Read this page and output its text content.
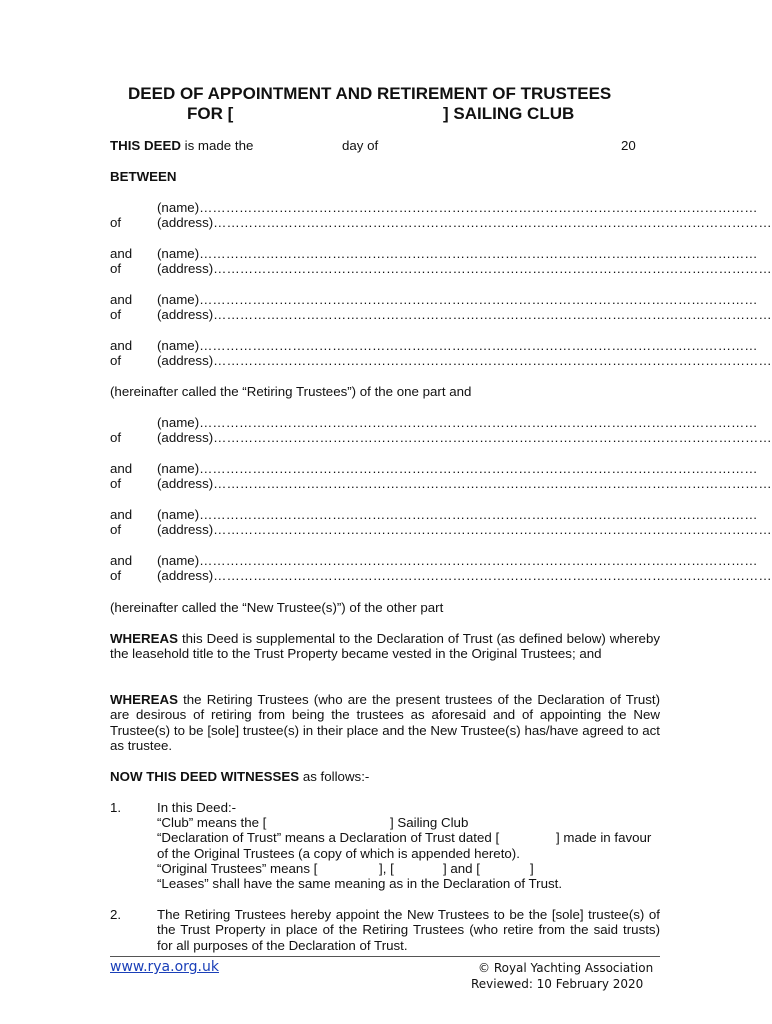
DEED OF APPOINTMENT AND RETIREMENT OF TRUSTEES
FOR [	] SAILING CLUB
THIS DEED is made the	day of	20
BETWEEN
(name)………………………………………………………………………………………………………………
of	(address)………………………………………………………………………………………………………………
and (name)………………………………………………………………………………………………………………
of	(address)………………………………………………………………………………………………………………
and (name)………………………………………………………………………………………………………………
of	(address)………………………………………………………………………………………………………………
and (name)………………………………………………………………………………………………………………
of	(address)………………………………………………………………………………………………………………
(hereinafter called the “Retiring Trustees”) of the one part and
(name)………………………………………………………………………………………………………………
of	(address)………………………………………………………………………………………………………………
and (name)………………………………………………………………………………………………………………
of	(address)………………………………………………………………………………………………………………
and (name)………………………………………………………………………………………………………………
of	(address)………………………………………………………………………………………………………………
and (name)………………………………………………………………………………………………………………
of	(address)………………………………………………………………………………………………………………
(hereinafter called the “New Trustee(s)”) of the other part
WHEREAS this Deed is supplemental to the Declaration of Trust (as defined below) whereby the leasehold title to the Trust Property became vested in the Original Trustees; and
WHEREAS the Retiring Trustees (who are the present trustees of the Declaration of Trust) are desirous of retiring from being the trustees as aforesaid and of appointing the New Trustee(s) to be [sole] trustee(s) in their place and the New Trustee(s) has/have agreed to act as trustee.
NOW THIS DEED WITNESSES as follows:-
1.	In this Deed:-
“Club” means the [	] Sailing Club
“Declaration of Trust” means a Declaration of Trust dated [	] made in favour
of the Original Trustees (a copy of which is appended hereto).
“Original Trustees” means [	], [	] and [	]
“Leases” shall have the same meaning as in the Declaration of Trust.
2.	The Retiring Trustees hereby appoint the New Trustees to be the [sole] trustee(s) of the Trust Property in place of the Retiring Trustees (who retire from the said trusts) for all purposes of the Declaration of Trust.
www.rya.org.uk	© Royal Yachting Association
Reviewed: 10 February 2020
